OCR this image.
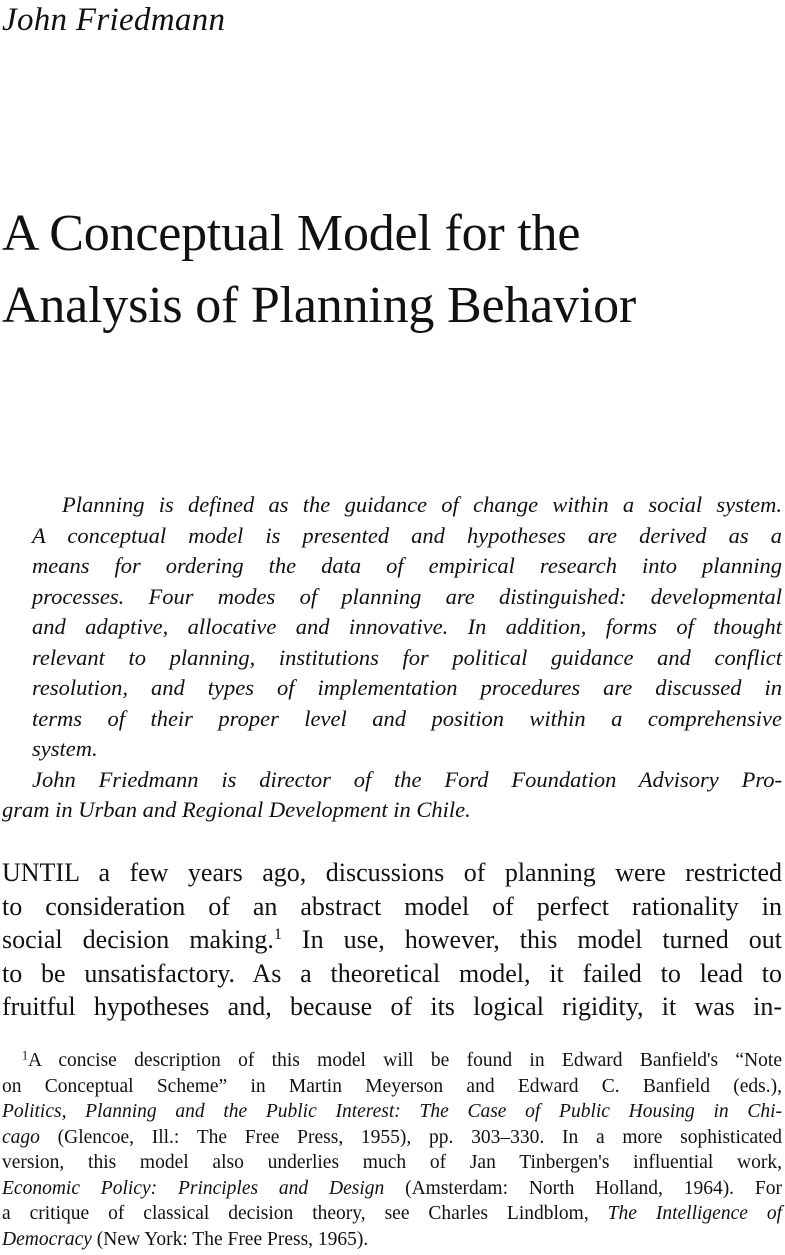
John Friedmann
A Conceptual Model for the
Analysis of Planning Behavior

Planning is defined as the guidance of change within a social system.
A conceptual model is presented and hypotheses are derived as a
means for ordering the data of empirical research into planning
processes. Four modes of planning are distinguished: developmental
and adaptive, allocative and innovative. In addition, forms of thought
relevant to planning, institutions for political guidance and conflict
resolution, and types of implementation procedures are discussed in
terms of their proper level and position within a comprehensive
system.

John Friedmann is director of the Ford Foundation Advisory Pro-
gram in Urban and Regional Development in Chile.

UNTIL a few years ago, discussions of planning were restricted
to consideration of an abstract model of perfect rationality in
social decision making.$^1$ In use, however, this model turned out
to be unsatisfactory. As a theoretical model, it failed to lead to
fruitful hypotheses and, because of its logical rigidity, it was in-
$^1$A concise description of this model will be found in Edward Banfield's “Note
on Conceptual Scheme” in Martin Meyerson and Edward C. Banfield (eds.),
Politics, Planning and the Public Interest: The Case of Public Housing in Chi-
cago (Glencoe, Ill.: The Free Press, 1955), pp. 303–330. In a more sophisticated
version, this model also underlies much of Jan Tinbergen's influential work,
Economic Policy: Principles and Design (Amsterdam: North Holland, 1964). For
a critique of classical decision theory, see Charles Lindblom, The Intelligence of
Democracy (New York: The Free Press, 1965).
